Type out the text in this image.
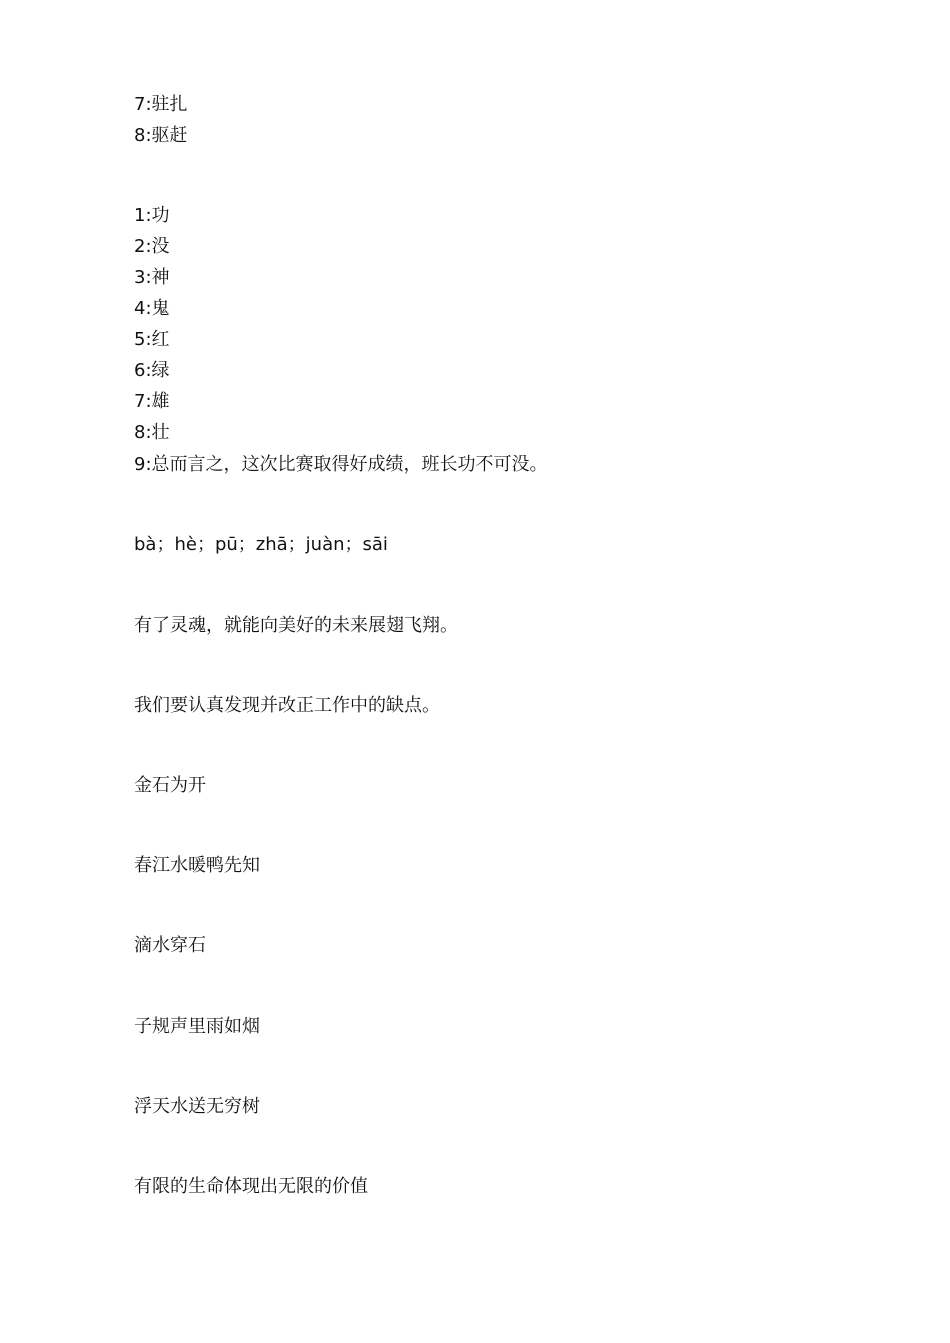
7:驻扎
8:驱赶
1:功
2:没
3:神
4:鬼
5:红
6:绿
7:雄
8:壮
9:总而言之，这次比赛取得好成绩，班长功不可没。
bà；hè；pū；zhā；juàn；sāi
有了灵魂，就能向美好的未来展翅飞翔。
我们要认真发现并改正工作中的缺点。
金石为开
春江水暖鸭先知
滴水穿石
子规声里雨如烟
浮天水送无穷树
有限的生命体现出无限的价值
